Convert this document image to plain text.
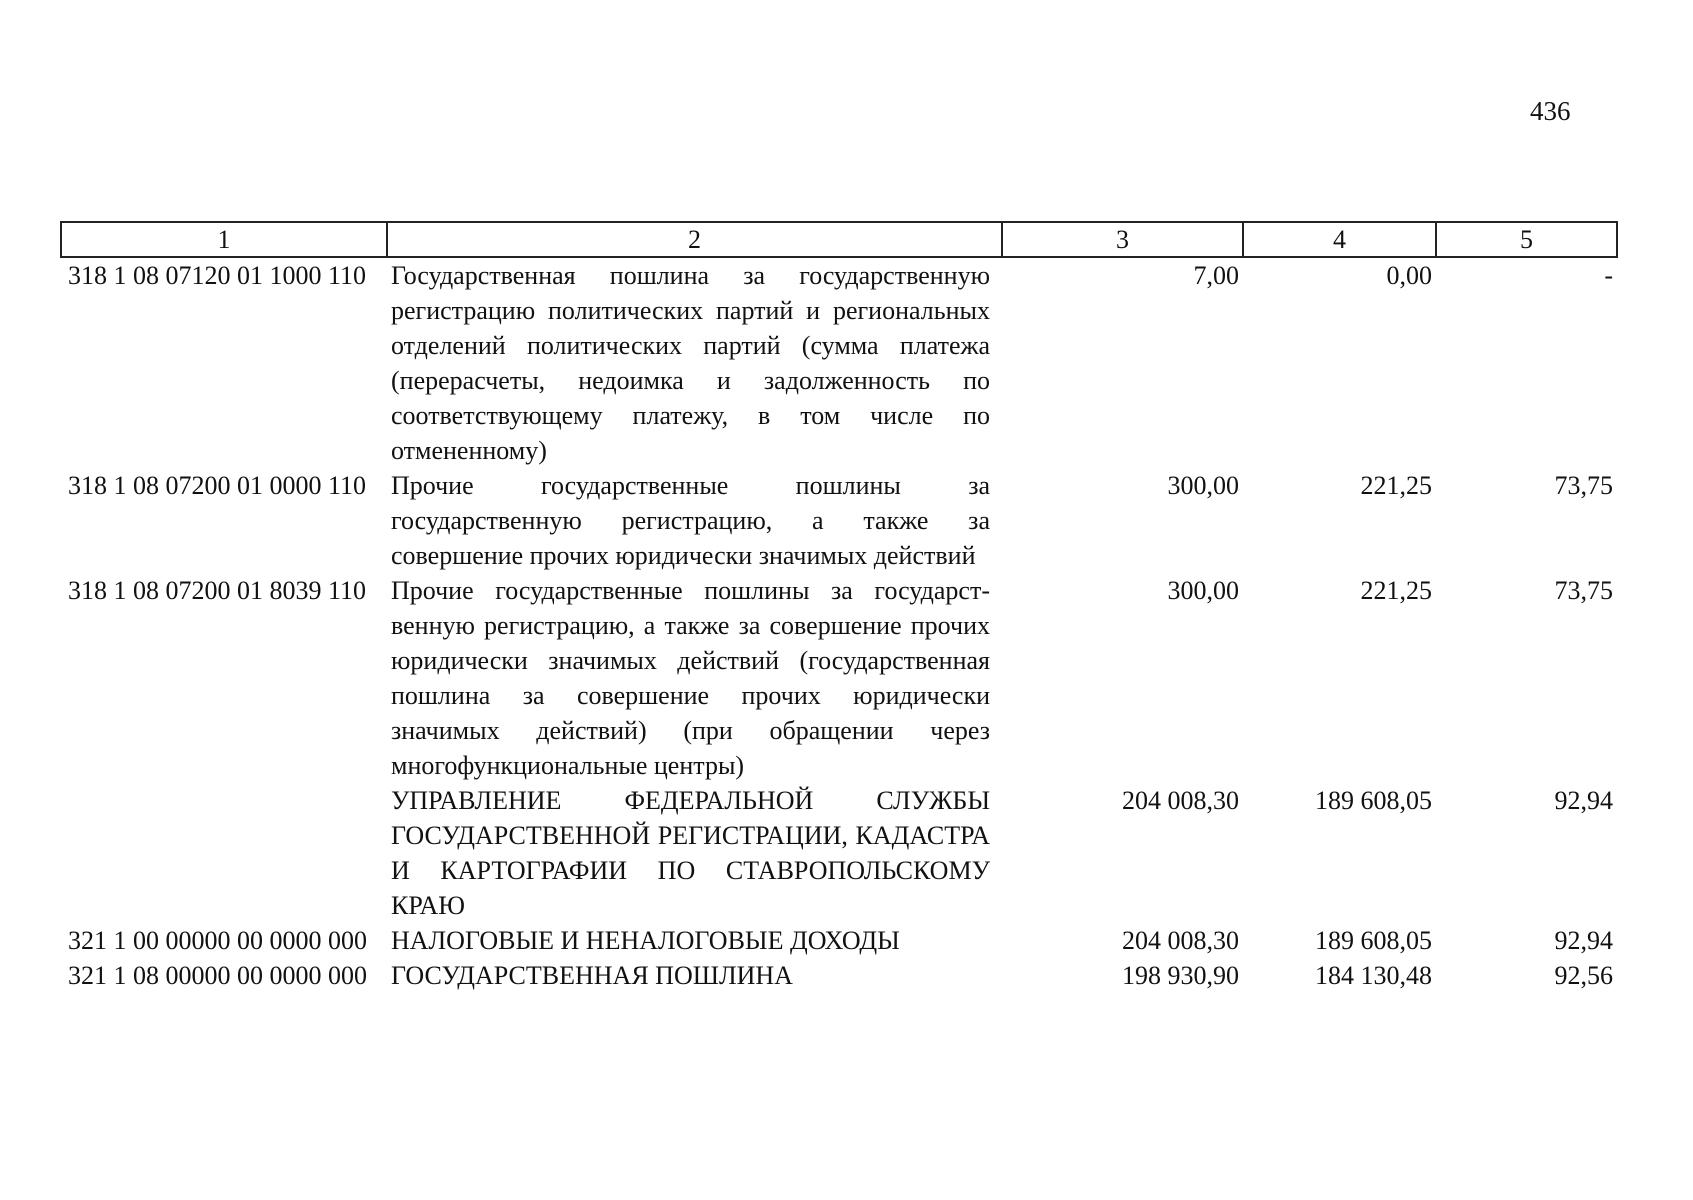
436
1	2	3	4	5
318 1 08 07120 01 1000 110	Государственная пошлина за государственную регистрацию политических партий и региональных отделений политических партий (сумма платежа (перерасчеты, недоимка и задолженность по соответствующему платежу, в том числе по отмененному)	7,00	0,00	-
318 1 08 07200 01 0000 110	Прочие государственные пошлины за государственную регистрацию, а также за совершение прочих юридически значимых действий	300,00	221,25	73,75
318 1 08 07200 01 8039 110	Прочие государственные пошлины за государст-венную регистрацию, а также за совершение прочих юридически значимых действий (государственная пошлина за совершение прочих юридически значимых действий) (при обращении через многофункциональные центры)	300,00	221,25	73,75
	УПРАВЛЕНИЕ ФЕДЕРАЛЬНОЙ СЛУЖБЫ ГОСУДАРСТВЕННОЙ РЕГИСТРАЦИИ, КАДАСТРА И КАРТОГРАФИИ ПО СТАВРОПОЛЬСКОМУ КРАЮ	204 008,30	189 608,05	92,94
321 1 00 00000 00 0000 000	НАЛОГОВЫЕ И НЕНАЛОГОВЫЕ ДОХОДЫ	204 008,30	189 608,05	92,94
321 1 08 00000 00 0000 000	ГОСУДАРСТВЕННАЯ ПОШЛИНА	198 930,90	184 130,48	92,56
